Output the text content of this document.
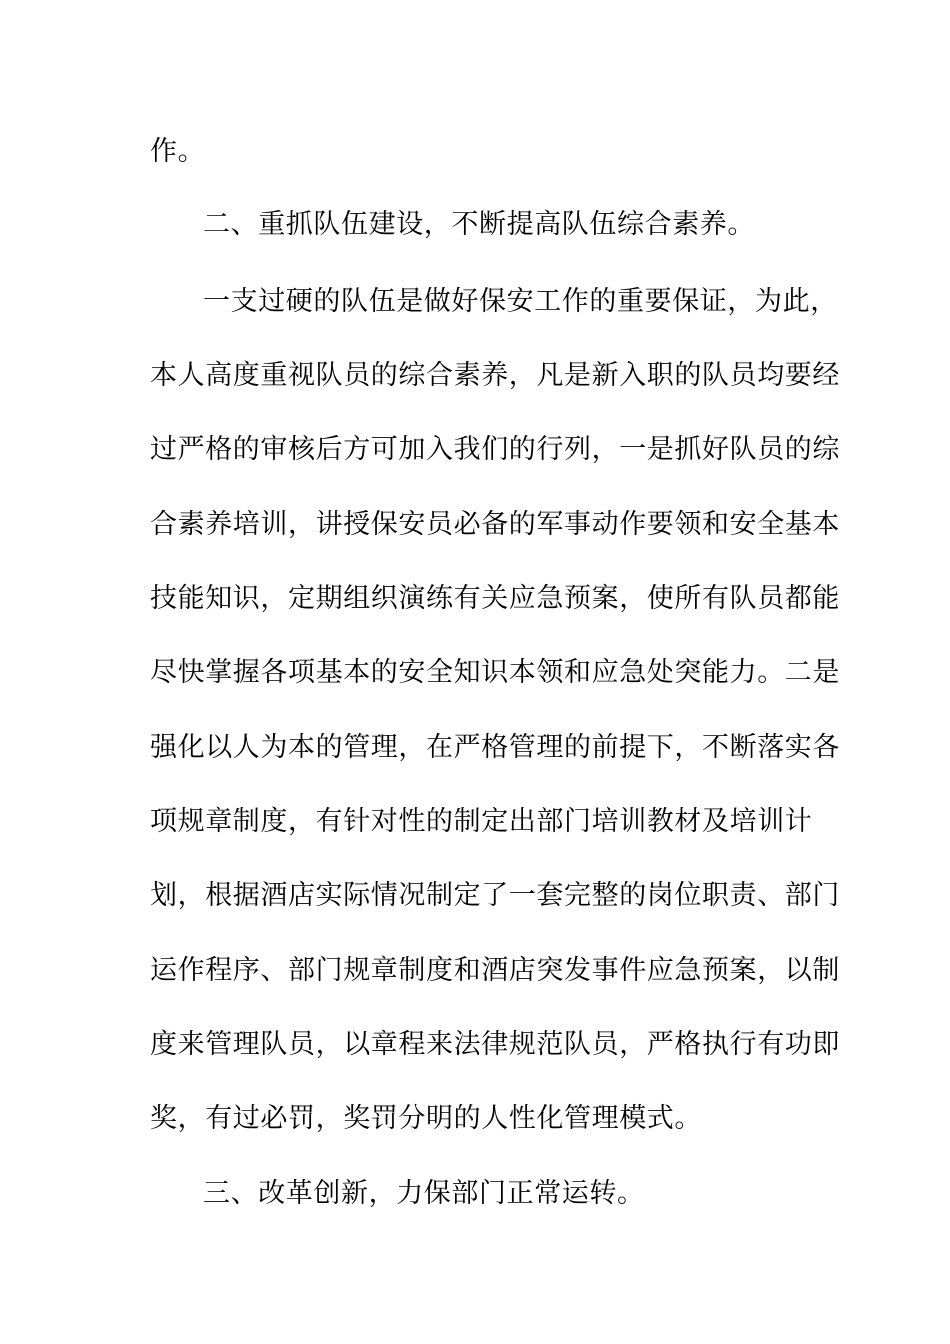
作。
二、重抓队伍建设，不断提高队伍综合素养。
一支过硬的队伍是做好保安工作的重要保证，为此，
本人高度重视队员的综合素养，凡是新入职的队员均要经
过严格的审核后方可加入我们的行列，一是抓好队员的综
合素养培训，讲授保安员必备的军事动作要领和安全基本
技能知识，定期组织演练有关应急预案，使所有队员都能
尽快掌握各项基本的安全知识本领和应急处突能力。二是
强化以人为本的管理，在严格管理的前提下，不断落实各
项规章制度，有针对性的制定出部门培训教材及培训计
划，根据酒店实际情况制定了一套完整的岗位职责、部门
运作程序、部门规章制度和酒店突发事件应急预案，以制
度来管理队员，以章程来法律规范队员，严格执行有功即
奖，有过必罚，奖罚分明的人性化管理模式。
三、改革创新，力保部门正常运转。
